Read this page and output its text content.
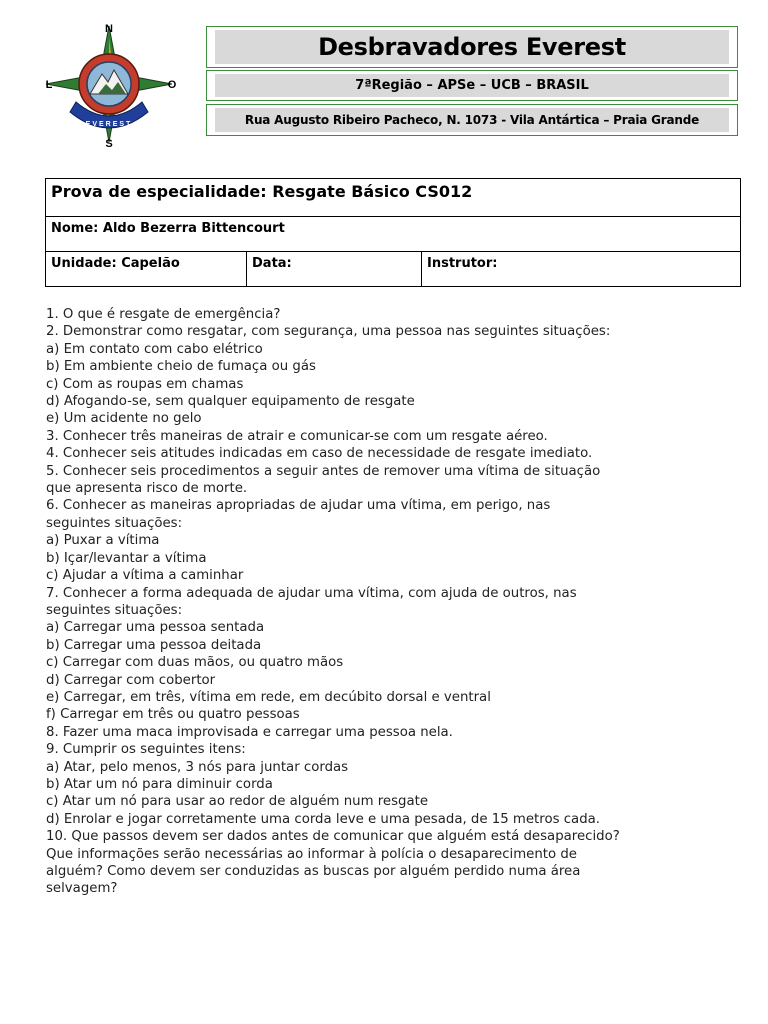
N
S
L	O
EVEREST
Desbravadores Everest
7ªRegião – APSe – UCB – BRASIL
Rua Augusto Ribeiro Pacheco, N. 1073 - Vila Antártica – Praia Grande
Prova de especialidade: Resgate Básico CS012
Nome: Aldo Bezerra Bittencourt
Unidade: Capelão	Data:	Instrutor:
1. O que é resgate de emergência?
2. Demonstrar como resgatar, com segurança, uma pessoa nas seguintes situações:
a) Em contato com cabo elétrico
b) Em ambiente cheio de fumaça ou gás
c) Com as roupas em chamas
d) Afogando-se, sem qualquer equipamento de resgate
e) Um acidente no gelo
3. Conhecer três maneiras de atrair e comunicar-se com um resgate aéreo.
4. Conhecer seis atitudes indicadas em caso de necessidade de resgate imediato.
5. Conhecer seis procedimentos a seguir antes de remover uma vítima de situação
que apresenta risco de morte.
6. Conhecer as maneiras apropriadas de ajudar uma vítima, em perigo, nas
seguintes situações:
a) Puxar a vítima
b) Içar/levantar a vítima
c) Ajudar a vítima a caminhar
7. Conhecer a forma adequada de ajudar uma vítima, com ajuda de outros, nas
seguintes situações:
a) Carregar uma pessoa sentada
b) Carregar uma pessoa deitada
c) Carregar com duas mãos, ou quatro mãos
d) Carregar com cobertor
e) Carregar, em três, vítima em rede, em decúbito dorsal e ventral
f) Carregar em três ou quatro pessoas
8. Fazer uma maca improvisada e carregar uma pessoa nela.
9. Cumprir os seguintes itens:
a) Atar, pelo menos, 3 nós para juntar cordas
b) Atar um nó para diminuir corda
c) Atar um nó para usar ao redor de alguém num resgate
d) Enrolar e jogar corretamente uma corda leve e uma pesada, de 15 metros cada.
10. Que passos devem ser dados antes de comunicar que alguém está desaparecido?
Que informações serão necessárias ao informar à polícia o desaparecimento de
alguém? Como devem ser conduzidas as buscas por alguém perdido numa área
selvagem?
